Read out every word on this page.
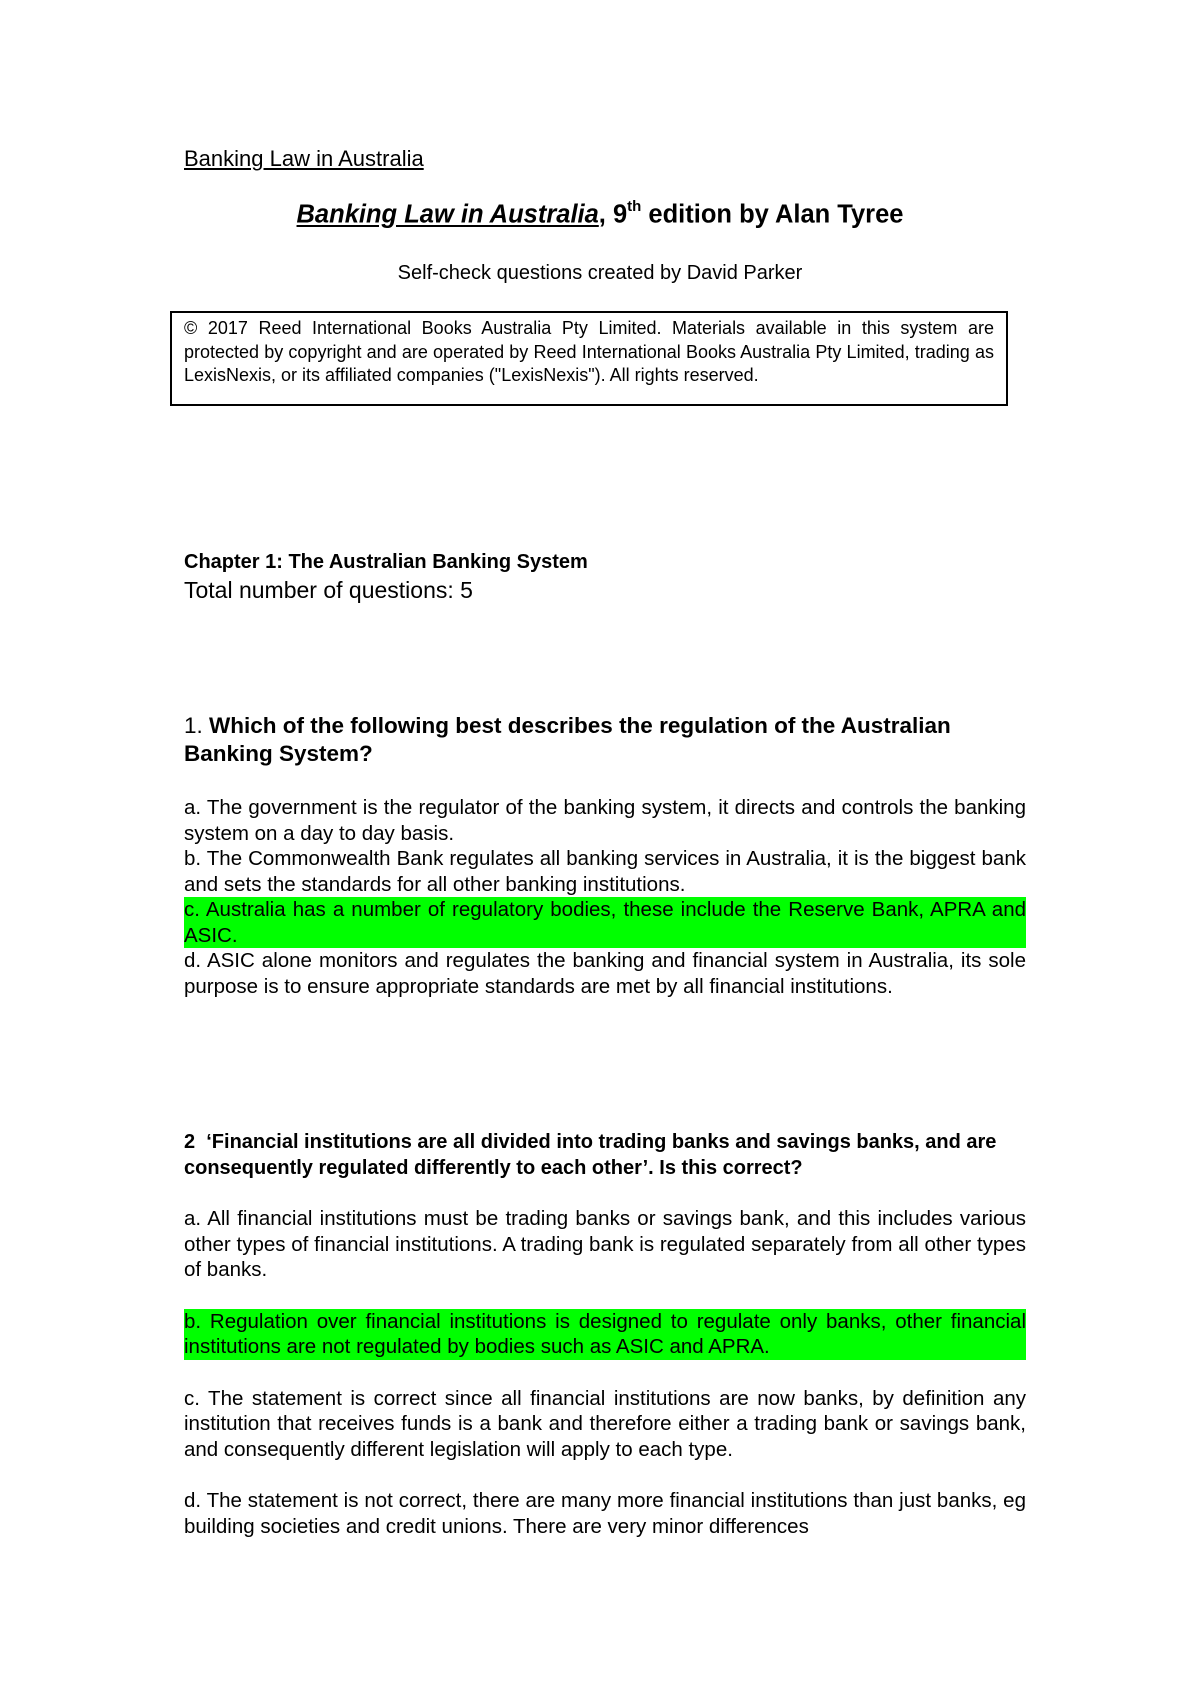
Banking Law in Australia
Banking Law in Australia, 9th edition by Alan Tyree
Self-check questions created by David Parker
© 2017 Reed International Books Australia Pty Limited. Materials available in this system are protected by copyright and are operated by Reed International Books Australia Pty Limited, trading as LexisNexis, or its affiliated companies ("LexisNexis"). All rights reserved.
Chapter 1: The Australian Banking System
Total number of questions: 5
1. Which of the following best describes the regulation of the Australian Banking System?
a. The government is the regulator of the banking system, it directs and controls the banking system on a day to day basis.
b. The Commonwealth Bank regulates all banking services in Australia, it is the biggest bank and sets the standards for all other banking institutions.
c. Australia has a number of regulatory bodies, these include the Reserve Bank, APRA and ASIC.
d. ASIC alone monitors and regulates the banking and financial system in Australia, its sole purpose is to ensure appropriate standards are met by all financial institutions.
2 ‘Financial institutions are all divided into trading banks and savings banks, and are consequently regulated differently to each other’. Is this correct?
a. All financial institutions must be trading banks or savings bank, and this includes various other types of financial institutions. A trading bank is regulated separately from all other types of banks.
b. Regulation over financial institutions is designed to regulate only banks, other financial institutions are not regulated by bodies such as ASIC and APRA.
c. The statement is correct since all financial institutions are now banks, by definition any institution that receives funds is a bank and therefore either a trading bank or savings bank, and consequently different legislation will apply to each type.
d. The statement is not correct, there are many more financial institutions than just banks, eg building societies and credit unions. There are very minor differences
